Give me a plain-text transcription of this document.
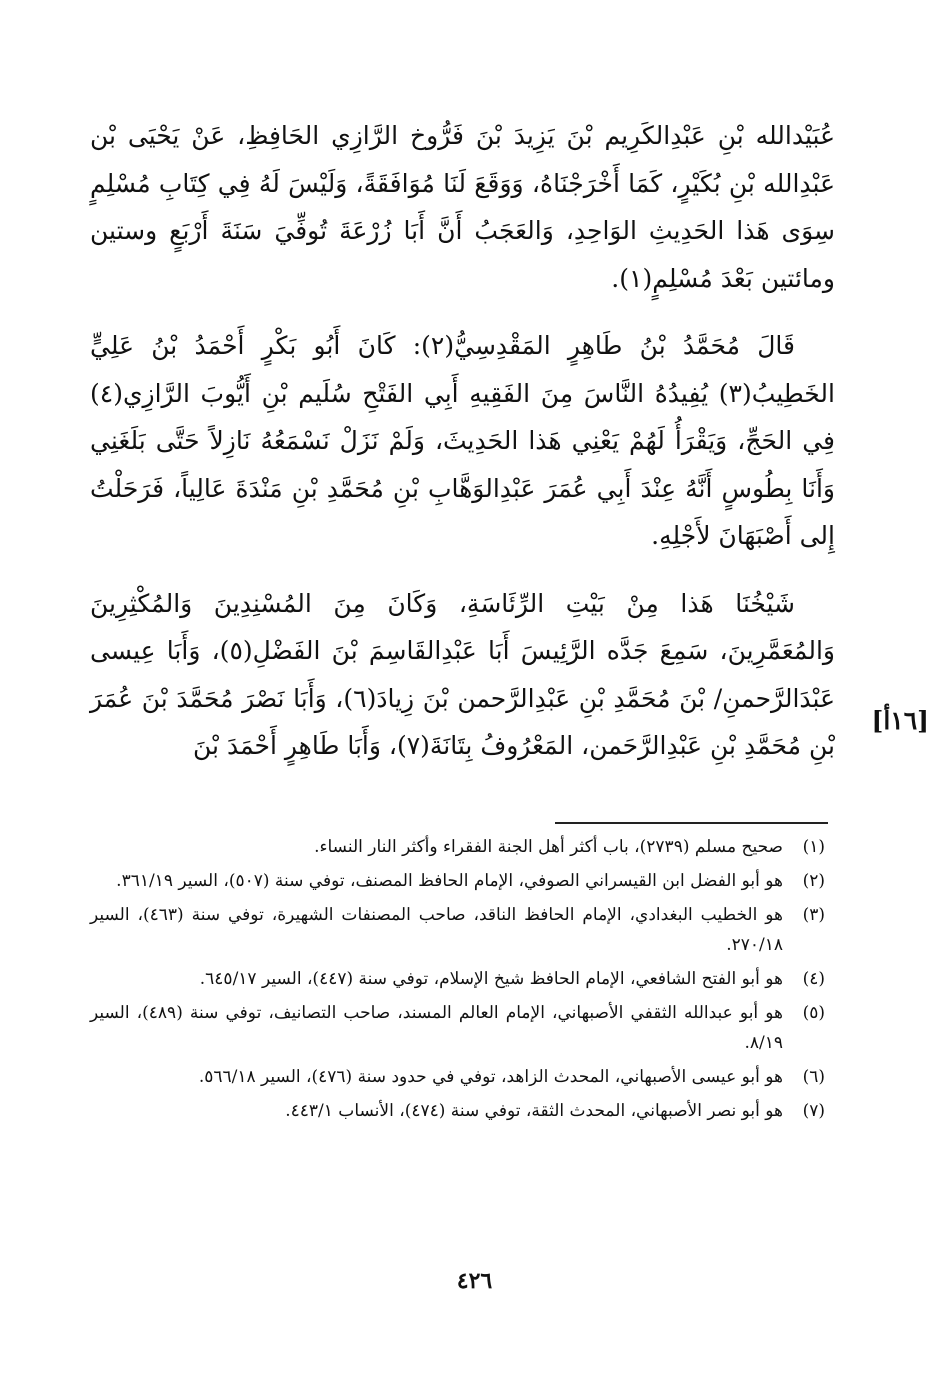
عُبَيْدالله بْنِ عَبْدِالكَرِيم بْنَ يَزِيدَ بْنَ فَرُّوخ الرَّازِي الحَافِظِ، عَنْ يَحْيَى بْن عَبْدِالله بْنِ بُكَيْرٍ، كَمَا أَخْرَجْنَاهُ، وَوَقَعَ لَنَا مُوَافَقَةً، وَلَيْسَ لَهُ فِي كِتَابِ مُسْلِمٍ سِوَى هَذا الحَدِيثِ الوَاحِدِ، وَالعَجَبُ أَنَّ أَبَا زُرْعَةَ تُوفِّيَ سَنَةَ أَرْبَعٍ وستين ومائتين بَعْدَ مُسْلِمٍ(١).

قَالَ مُحَمَّدُ بْنُ طَاهِرٍ المَقْدِسِيُّ(٢): كَانَ أَبُو بَكْرٍ أَحْمَدُ بْنُ عَلِيٍّ الخَطِيبُ(٣) يُفِيدُهُ النَّاسَ مِنَ الفَقِيهِ أَبِي الفَتْحِ سُلَيم بْنِ أَيُّوبَ الرَّازِي(٤) فِي الحَجِّ، وَيَقْرَأُ لَهُمْ يَعْنِي هَذا الحَدِيثَ، وَلَمْ نَزَلْ نَسْمَعُهُ نَازِلاً حَتَّى بَلَغَنِي وَأَنَا بِطُوسٍ أَنَّهُ عِنْدَ أَبِي عُمَرَ عَبْدِالوَهَّابِ بْنِ مُحَمَّدِ بْنِ مَنْدَةَ عَالِياً، فَرَحَلْتُ إِلى أَصْبَهَانَ لأَجْلِهِ.

شَيْخُنَا هَذا مِنْ بَيْتِ الرِّئَاسَةِ، وَكَانَ مِنَ المُسْنِدِينَ وَالمُكْثِرِينَ وَالمُعَمَّرِينَ، سَمِعَ جَدَّه الرَّئِيسَ أَبَا عَبْدِالقَاسِمَ بْنَ الفَضْلِ(٥)، وَأَبَا عِيسى عَبْدَالرَّحمنِ/ بْنَ مُحَمَّدِ بْنِ عَبْدِالرَّحمن بْنَ زِيادَ(٦)، وَأَبَا نَصْرَ مُحَمَّدَ بْنَ عُمَرَ بْنِ مُحَمَّدِ بْنِ عَبْدِالرَّحَمن، المَعْرُوفُ بِتَانَةَ(٧)، وَأَبَا طَاهِرٍ أَحْمَدَ بْنَ

[١٦أ]
(١)
صحيح مسلم (٢٧٣٩)، باب أكثر أهل الجنة الفقراء وأكثر النار النساء.
(٢)
هو أبو الفضل ابن القيسراني الصوفي، الإمام الحافظ المصنف، توفي سنة (٥٠٧)، السير ٣٦١/١٩.
(٣)
هو الخطيب البغدادي، الإمام الحافظ الناقد، صاحب المصنفات الشهيرة، توفي سنة (٤٦٣)، السير ٢٧٠/١٨.
(٤)
هو أبو الفتح الشافعي، الإمام الحافظ شيخ الإسلام، توفي سنة (٤٤٧)، السير ٦٤٥/١٧.
(٥)
هو أبو عبدالله الثقفي الأصبهاني، الإمام العالم المسند، صاحب التصانيف، توفي سنة (٤٨٩)، السير ٨/١٩.
(٦)
هو أبو عيسى الأصبهاني، المحدث الزاهد، توفي في حدود سنة (٤٧٦)، السير ٥٦٦/١٨.
(٧)
هو أبو نصر الأصبهاني، المحدث الثقة، توفي سنة (٤٧٤)، الأنساب ٤٤٣/١.
٤٢٦
